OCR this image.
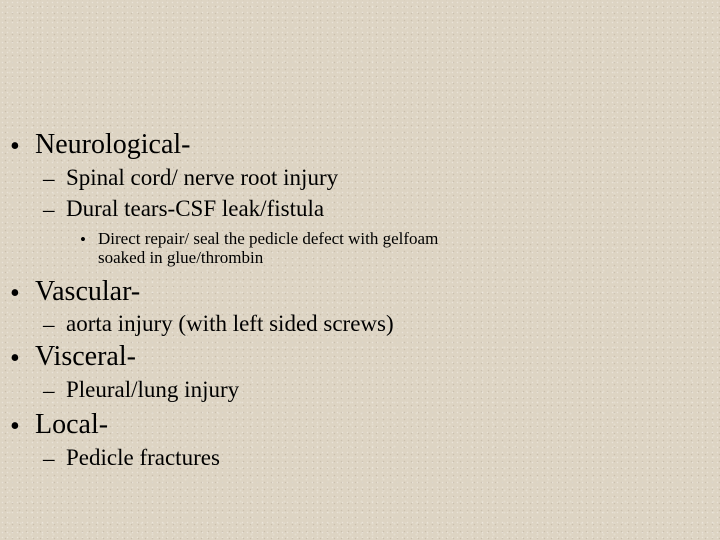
• Neurological-
– Spinal cord/ nerve root injury
– Dural tears-CSF leak/fistula
• Direct repair/ seal the pedicle defect with gelfoam
soaked in glue/thrombin
• Vascular-
– aorta injury (with left sided screws)
• Visceral-
– Pleural/lung injury
• Local-
– Pedicle fractures
